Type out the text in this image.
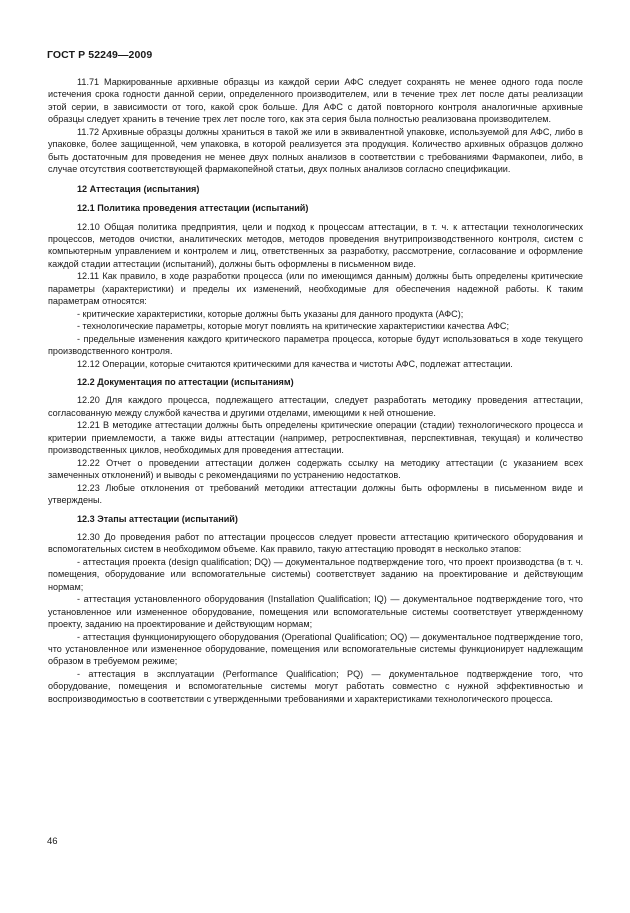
ГОСТ Р 52249—2009

11.71 Маркированные архивные образцы из каждой серии АФС следует сохранять не менее одного года после истечения срока годности данной серии, определенного производителем, или в течение трех лет после даты реализации этой серии, в зависимости от того, какой срок больше. Для АФС с датой повторного контроля аналогичные архивные образцы следует хранить в течение трех лет после того, как эта серия была полностью реализована производителем.

11.72 Архивные образцы должны храниться в такой же или в эквивалентной упаковке, используемой для АФС, либо в упаковке, более защищенной, чем упаковка, в которой реализуется эта продукция. Количество архивных образцов должно быть достаточным для проведения не менее двух полных анализов в соответствии с требованиями Фармакопеи, либо, в случае отсутствия соответствующей фармакопейной статьи, двух полных анализов согласно спецификации.

12 Аттестация (испытания)

12.1 Политика проведения аттестации (испытаний)

12.10 Общая политика предприятия, цели и подход к процессам аттестации, в т. ч. к аттестации технологических процессов, методов очистки, аналитических методов, методов проведения внутрипроизводственного контроля, систем с компьютерным управлением и контролем и лиц, ответственных за разработку, рассмотрение, согласование и оформление каждой стадии аттестации (испытаний), должны быть оформлены в письменном виде.

12.11 Как правило, в ходе разработки процесса (или по имеющимся данным) должны быть определены критические параметры (характеристики) и пределы их изменений, необходимые для обеспечения надежной работы. К таким параметрам относятся:

- критические характеристики, которые должны быть указаны для данного продукта (АФС);

- технологические параметры, которые могут повлиять на критические характеристики качества АФС;

- предельные изменения каждого критического параметра процесса, которые будут использоваться в ходе текущего производственного контроля.

12.12 Операции, которые считаются критическими для качества и чистоты АФС, подлежат аттестации.

12.2 Документация по аттестации (испытаниям)

12.20 Для каждого процесса, подлежащего аттестации, следует разработать методику проведения аттестации, согласованную между службой качества и другими отделами, имеющими к ней отношение.

12.21 В методике аттестации должны быть определены критические операции (стадии) технологического процесса и критерии приемлемости, а также виды аттестации (например, ретроспективная, перспективная, текущая) и количество производственных циклов, необходимых для проведения аттестации.

12.22 Отчет о проведении аттестации должен содержать ссылку на методику аттестации (с указанием всех замеченных отклонений) и выводы с рекомендациями по устранению недостатков.

12.23 Любые отклонения от требований методики аттестации должны быть оформлены в письменном виде и утверждены.

12.3 Этапы аттестации (испытаний)

12.30 До проведения работ по аттестации процессов следует провести аттестацию критического оборудования и вспомогательных систем в необходимом объеме. Как правило, такую аттестацию проводят в несколько этапов:

- аттестация проекта (design qualification; DQ) — документальное подтверждение того, что проект производства (в т. ч. помещения, оборудование или вспомогательные системы) соответствует заданию на проектирование и действующим нормам;

- аттестация установленного оборудования (Installation Qualification; IQ) — документальное подтверждение того, что установленное или измененное оборудование, помещения или вспомогательные системы соответствует утвержденному проекту, заданию на проектирование и действующим нормам;

- аттестация функционирующего оборудования (Operational Qualification; OQ) — документальное подтверждение того, что установленное или измененное оборудование, помещения или вспомогательные системы функционирует надлежащим образом в требуемом режиме;

- аттестация в эксплуатации (Performance Qualification; PQ) — документальное подтверждение того, что оборудование, помещения и вспомогательные системы могут работать совместно с нужной эффективностью и воспроизводимостью в соответствии с утвержденными требованиями и характеристиками технологического процесса.

46
